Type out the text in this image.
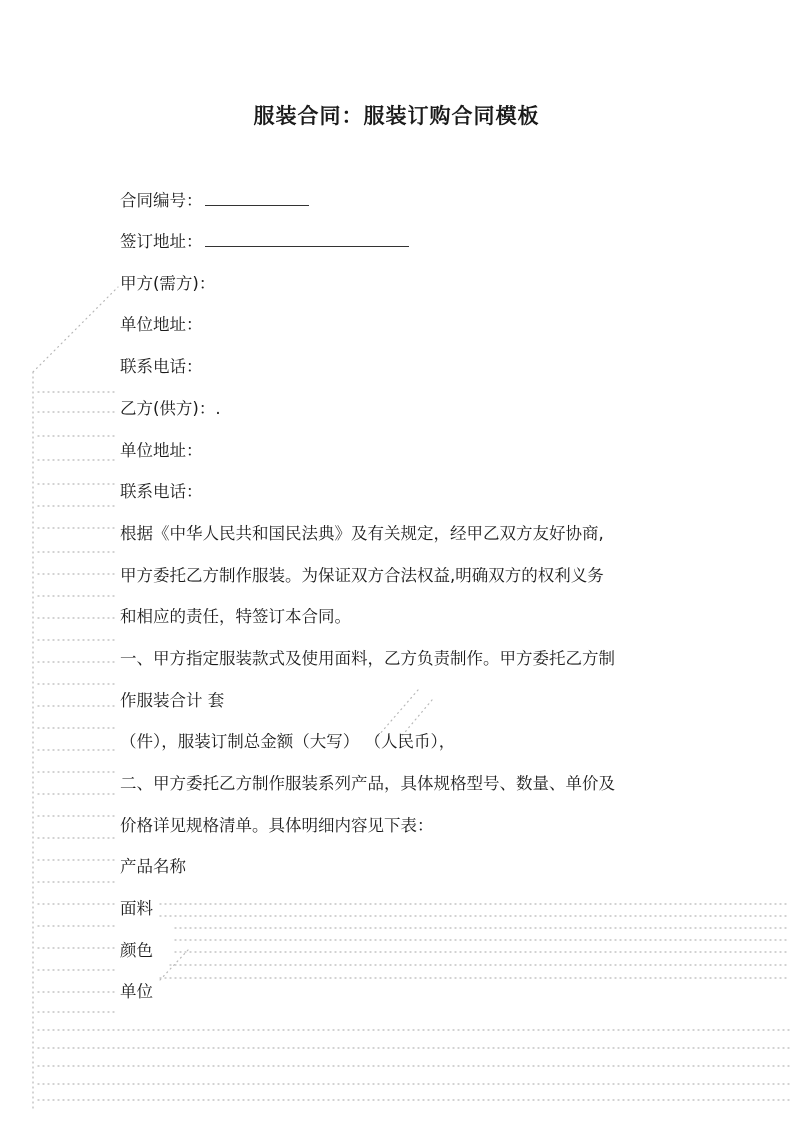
服装合同：服装订购合同模板
合同编号：
签订地址：
甲方(需方)：
单位地址：
联系电话：
乙方(供方)：.
单位地址：
联系电话：
根据《中华人民共和国民法典》及有关规定，经甲乙双方友好协商,
甲方委托乙方制作服装。为保证双方合法权益,明确双方的权利义务
和相应的责任，特签订本合同。
一、甲方指定服装款式及使用面料，乙方负责制作。甲方委托乙方制
作服装合计 套
（件），服装订制总金额（大写） （人民币），
二、甲方委托乙方制作服装系列产品，具体规格型号、数量、单价及
价格详见规格清单。具体明细内容见下表：
产品名称
面料
颜色
单位
